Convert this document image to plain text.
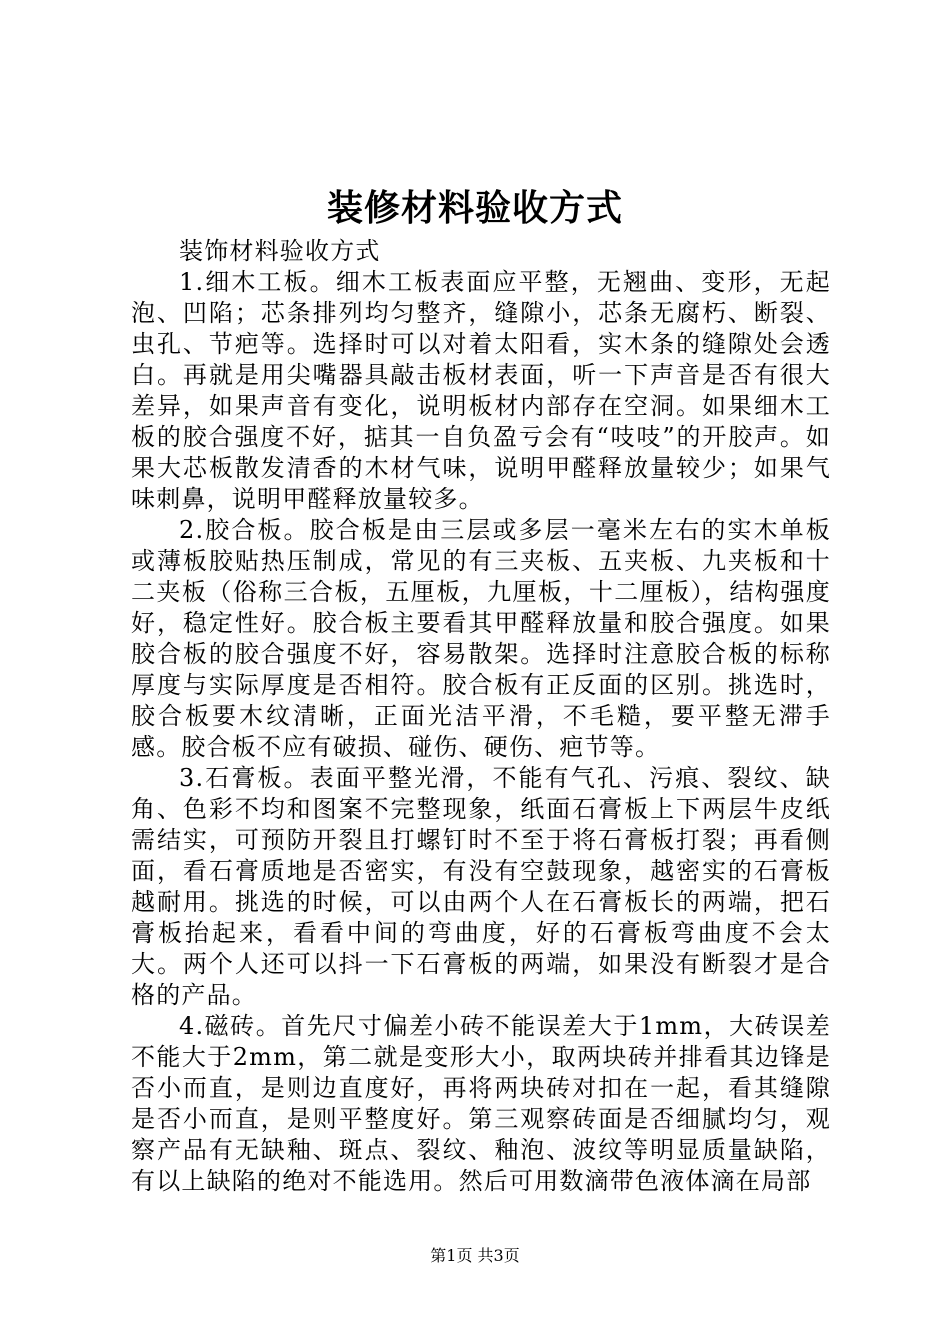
装修材料验收方式

装饰材料验收方式

1.细木工板。细木工板表面应平整，无翘曲、变形，无起泡、凹陷；芯条排列均匀整齐，缝隙小，芯条无腐朽、断裂、虫孔、节疤等。选择时可以对着太阳看，实木条的缝隙处会透白。再就是用尖嘴器具敲击板材表面，听一下声音是否有很大差异，如果声音有变化，说明板材内部存在空洞。如果细木工板的胶合强度不好，掂其一自负盈亏会有“吱吱”的开胶声。如果大芯板散发清香的木材气味，说明甲醛释放量较少；如果气味刺鼻，说明甲醛释放量较多。

2.胶合板。胶合板是由三层或多层一毫米左右的实木单板或薄板胶贴热压制成，常见的有三夹板、五夹板、九夹板和十二夹板（俗称三合板，五厘板，九厘板，十二厘板），结构强度好，稳定性好。胶合板主要看其甲醛释放量和胶合强度。如果胶合板的胶合强度不好，容易散架。选择时注意胶合板的标称厚度与实际厚度是否相符。胶合板有正反面的区别。挑选时，胶合板要木纹清晰，正面光洁平滑，不毛糙，要平整无滞手感。胶合板不应有破损、碰伤、硬伤、疤节等。

3.石膏板。表面平整光滑，不能有气孔、污痕、裂纹、缺角、色彩不均和图案不完整现象，纸面石膏板上下两层牛皮纸需结实，可预防开裂且打螺钉时不至于将石膏板打裂；再看侧面，看石膏质地是否密实，有没有空鼓现象，越密实的石膏板越耐用。挑选的时候，可以由两个人在石膏板长的两端，把石膏板抬起来，看看中间的弯曲度，好的石膏板弯曲度不会太大。两个人还可以抖一下石膏板的两端，如果没有断裂才是合格的产品。

4.磁砖。首先尺寸偏差小砖不能误差大于1mm，大砖误差不能大于2mm，第二就是变形大小，取两块砖并排看其边锋是否小而直，是则边直度好，再将两块砖对扣在一起，看其缝隙是否小而直，是则平整度好。第三观察砖面是否细腻均匀，观察产品有无缺釉、斑点、裂纹、釉泡、波纹等明显质量缺陷，有以上缺陷的绝对不能选用。然后可用数滴带色液体滴在局部

第1页 共3页
